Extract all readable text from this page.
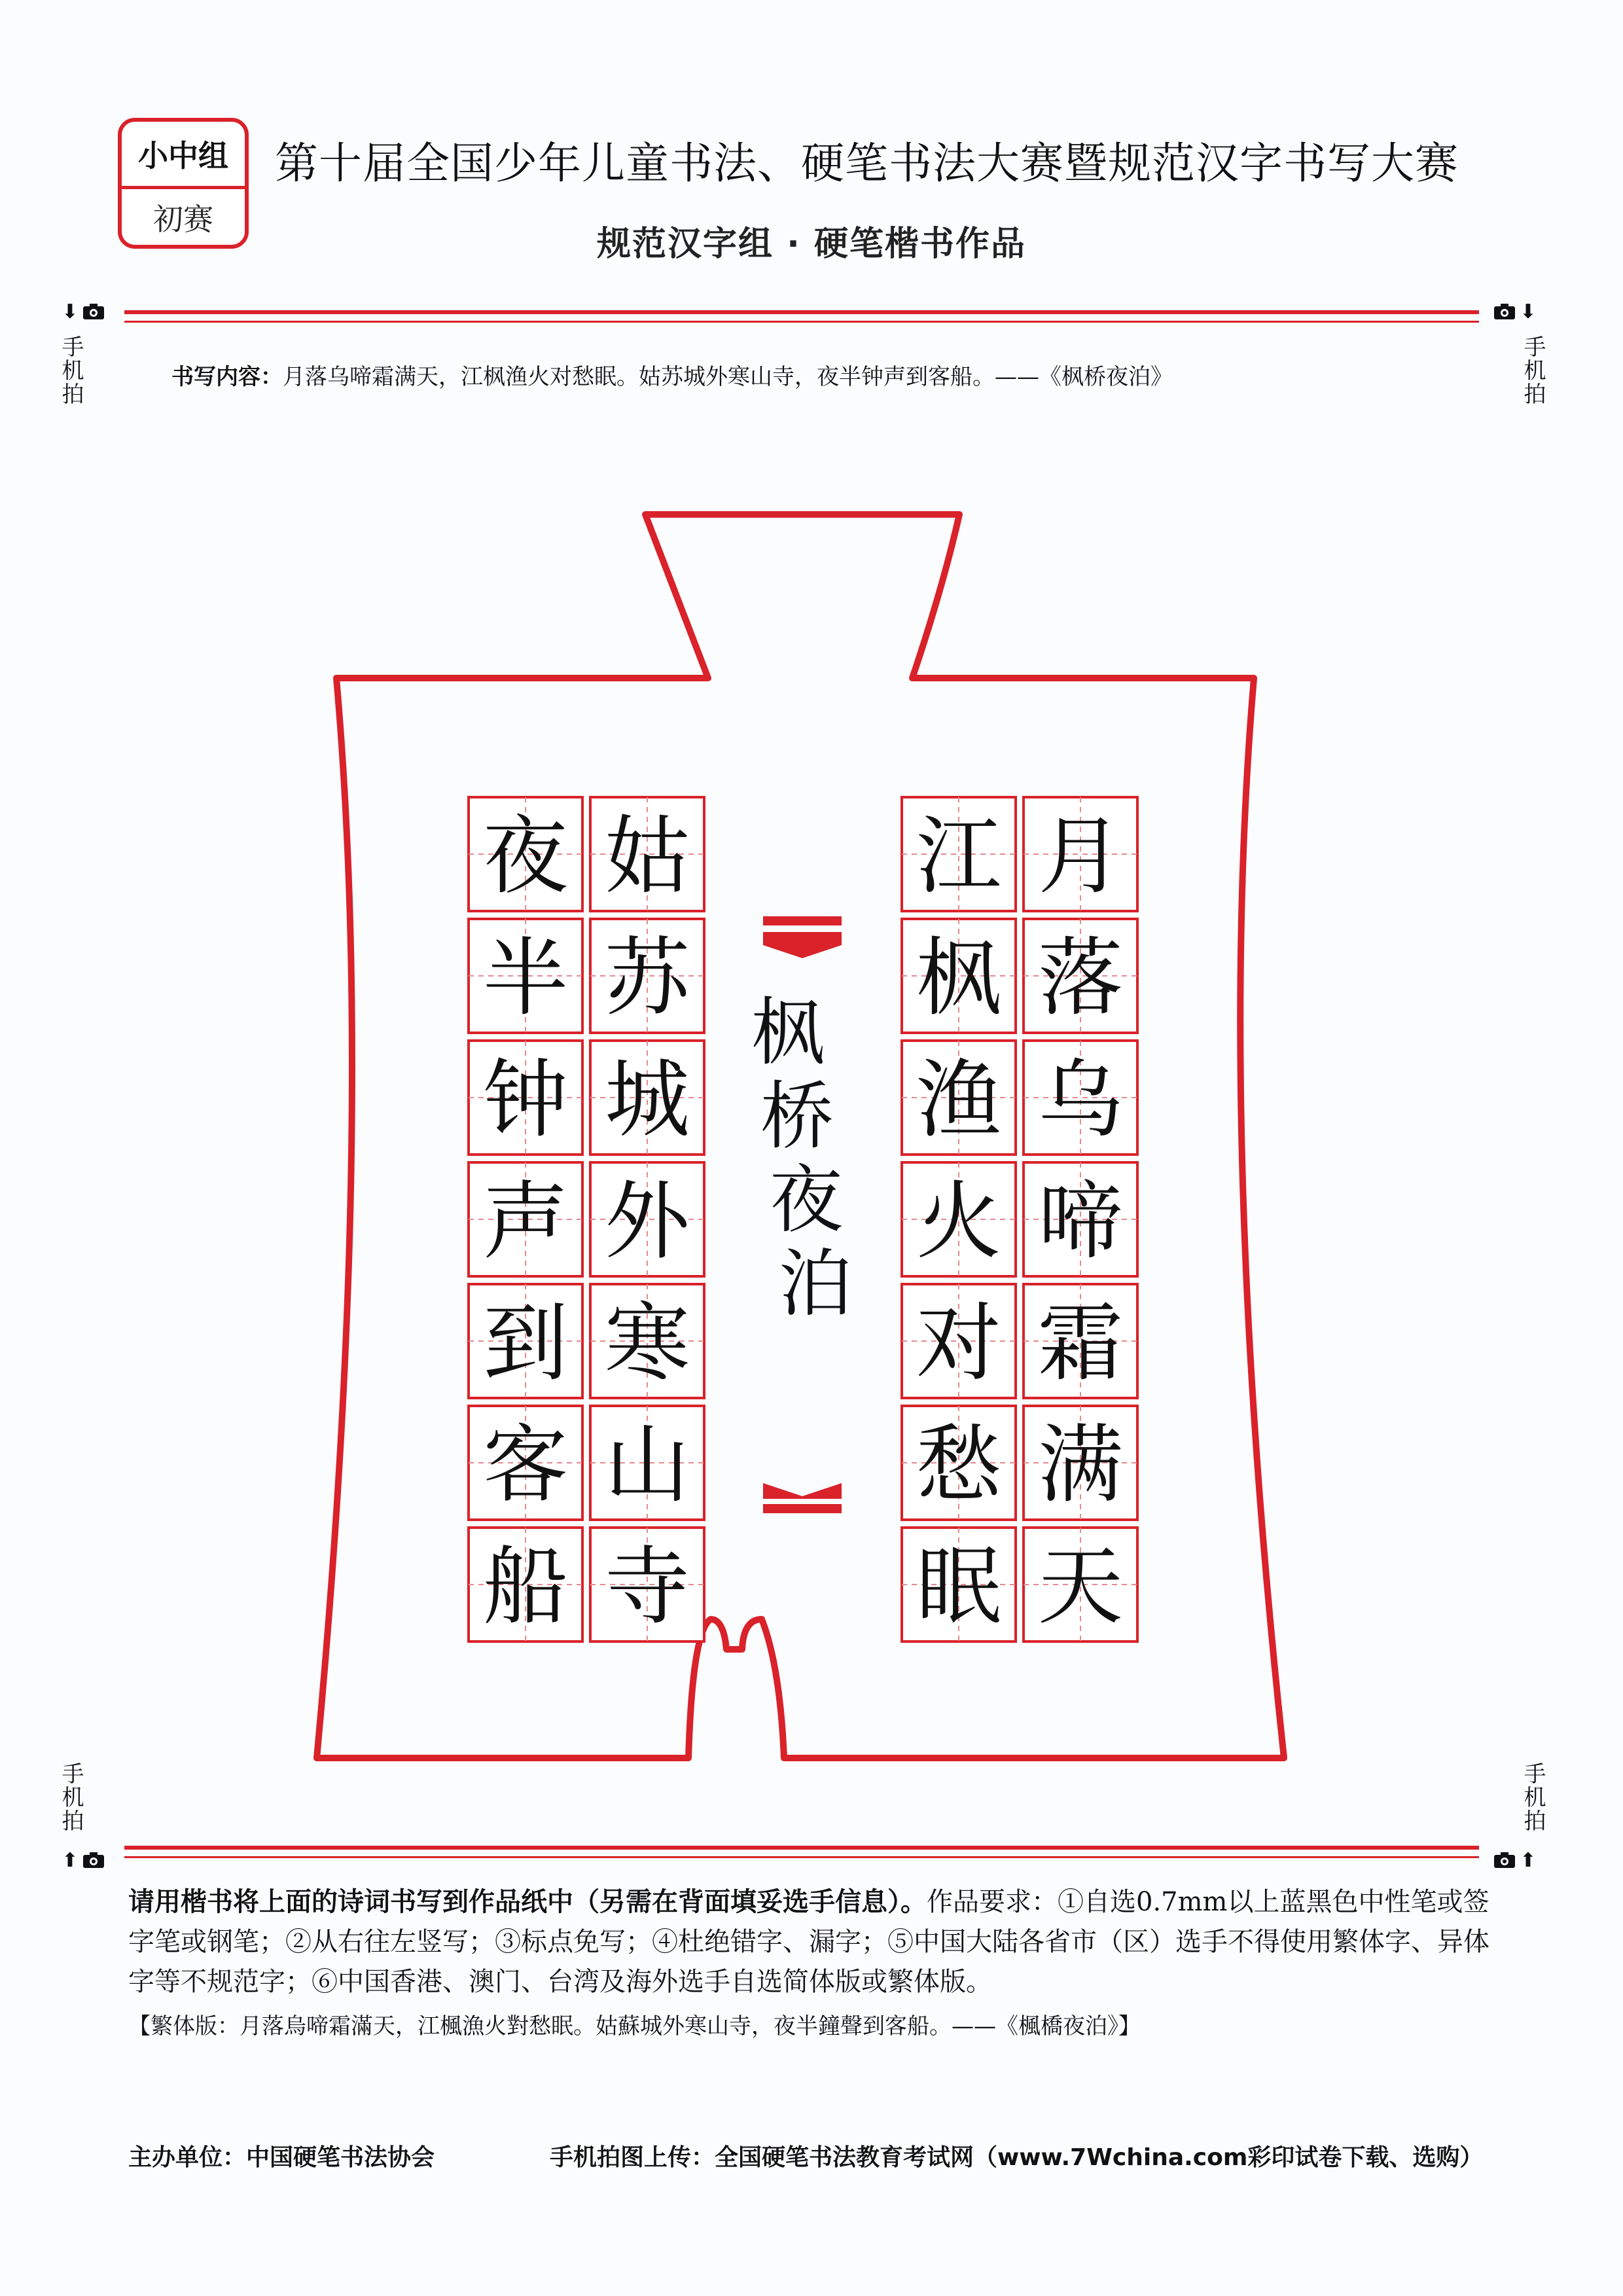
小中组
初赛
第十届全国少年儿童书法、硬笔书法大赛暨规范汉字书写大赛
规范汉字组 · 硬笔楷书作品
⬇	⬇
手机拍	手机拍
书写内容：月落乌啼霜满天，江枫渔火对愁眠。姑苏城外寒山寺，夜半钟声到客船。——《枫桥夜泊》
月
落
乌
啼
霜
满
天
江
枫
渔
火
对
愁
眠
姑
苏
城
外
寒
山
寺
夜
半
钟
声
到
客
船
枫
桥
夜
泊
手机拍	手机拍
⬆	⬆
请用楷书将上面的诗词书写到作品纸中（另需在背面填妥选手信息）。作品要求：①自选0.7mm以上蓝黑色中性笔或签字笔或钢笔；②从右往左竖写；③标点免写；④杜绝错字、漏字；⑤中国大陆各省市（区）选手不得使用繁体字、异体字等不规范字；⑥中国香港、澳门、台湾及海外选手自选简体版或繁体版。
【繁体版：月落烏啼霜滿天，江楓漁火對愁眠。姑蘇城外寒山寺，夜半鐘聲到客船。——《楓橋夜泊》】
主办单位：中国硬笔书法协会	手机拍图上传：全国硬笔书法教育考试网（www.7Wchina.com彩印试卷下载、选购）
